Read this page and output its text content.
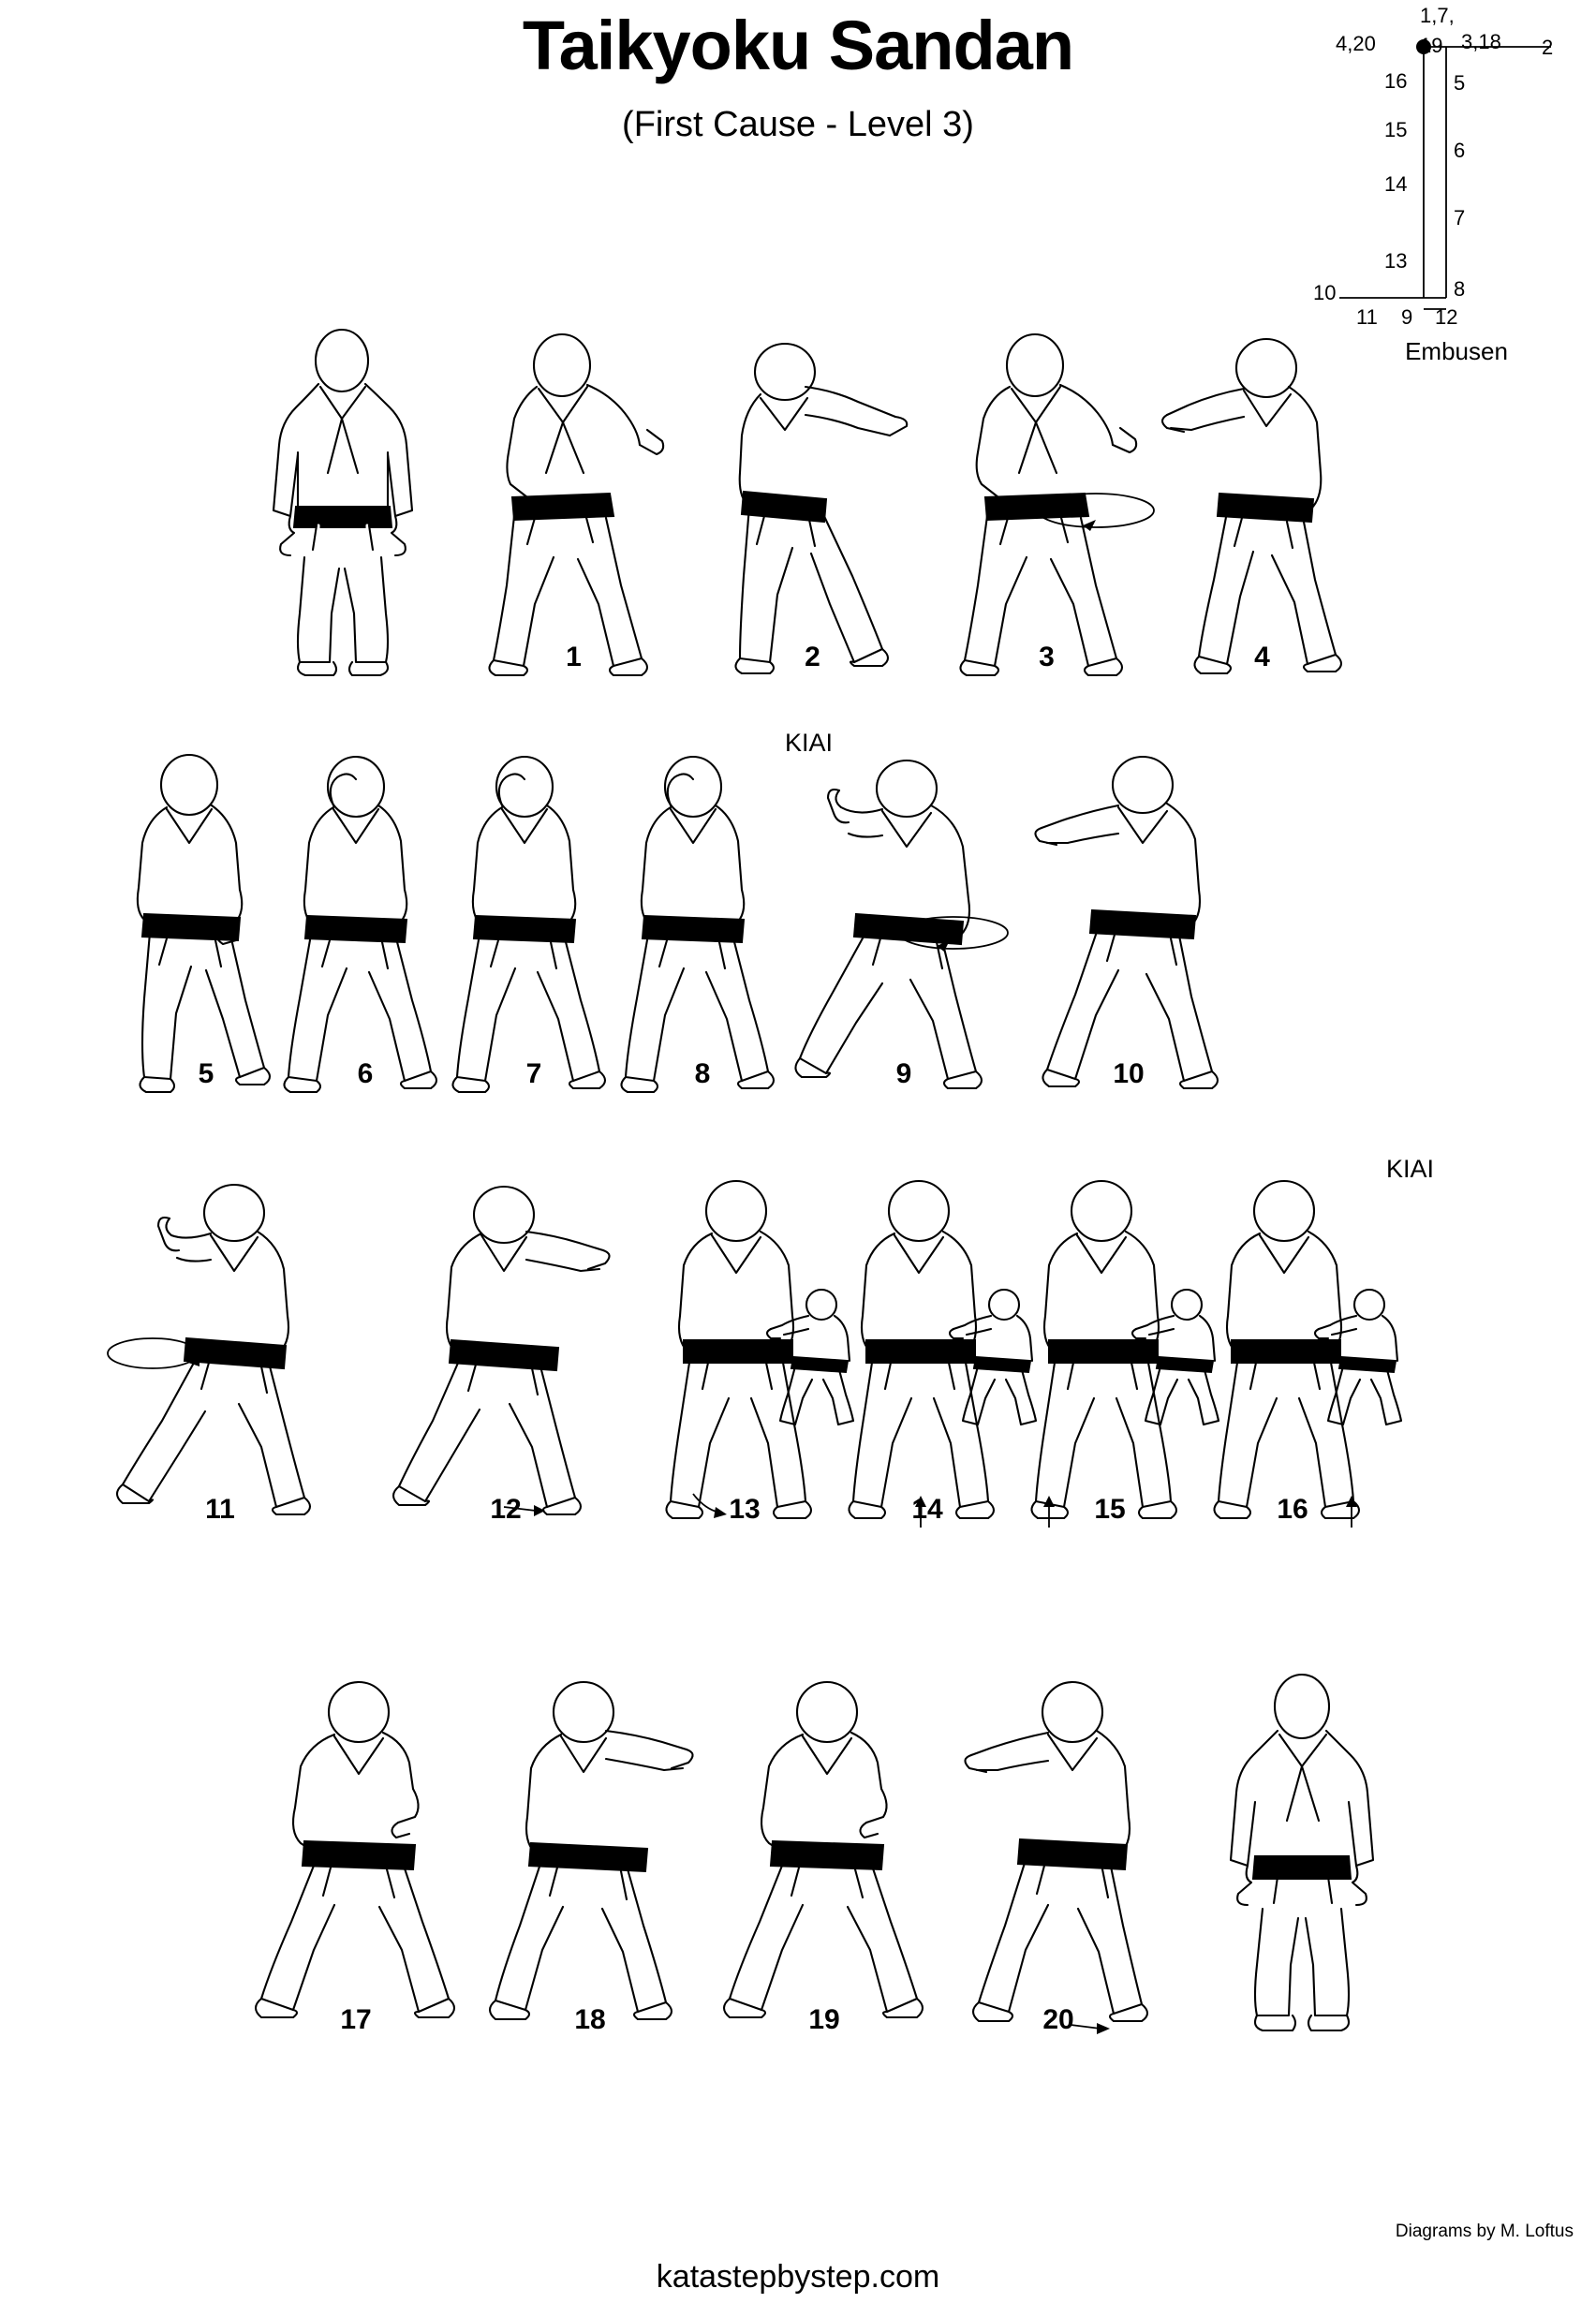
Taikyoku Sandan
(First Cause - Level 3)
1,7,
4,20 19 3,18 2
16 5
15
6
14
7
13
8
10
11 9 12
Embusen
1	2	3	4
KIAI
5	6	7	8	9	10
KIAI
11	12	13	14	15	16
17	18	19	20
Diagrams by M. Loftus
katastepbystep.com
